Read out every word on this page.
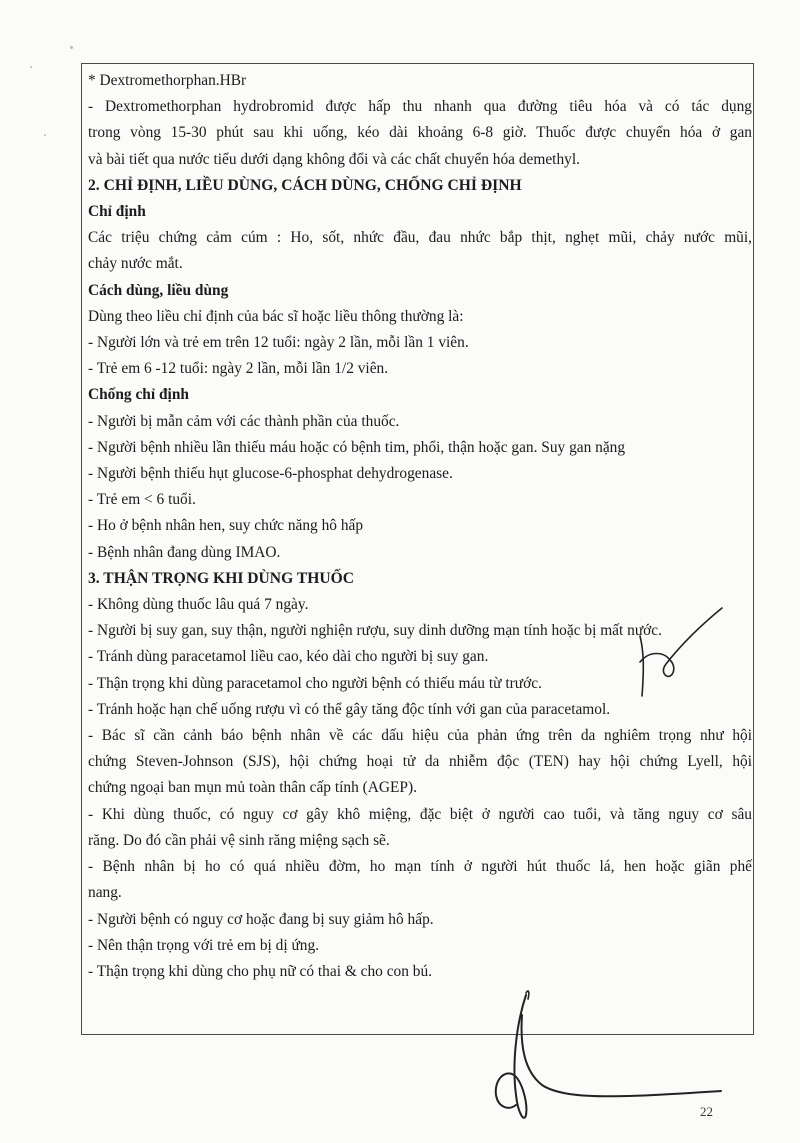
* Dextromethorphan.HBr
- Dextromethorphan hydrobromid được hấp thu nhanh qua đường tiêu hóa và có tác dụng
trong vòng 15-30 phút sau khi uống, kéo dài khoảng 6-8 giờ. Thuốc được chuyển hóa ở gan
và bài tiết qua nước tiểu dưới dạng không đổi và các chất chuyển hóa demethyl.
2. CHỈ ĐỊNH, LIỀU DÙNG, CÁCH DÙNG, CHỐNG CHỈ ĐỊNH
Chỉ định
Các triệu chứng cảm cúm : Ho, sốt, nhức đầu, đau nhức bắp thịt, nghẹt mũi, chảy nước mũi,
chảy nước mắt.
Cách dùng, liều dùng
Dùng theo liều chỉ định của bác sĩ hoặc liều thông thường là:
- Người lớn và trẻ em trên 12 tuổi: ngày 2 lần, mỗi lần 1 viên.
- Trẻ em 6 -12 tuổi: ngày 2 lần, mỗi lần 1/2 viên.
Chống chỉ định
- Người bị mẫn cảm với các thành phần của thuốc.
- Người bệnh nhiều lần thiếu máu hoặc có bệnh tim, phổi, thận hoặc gan. Suy gan nặng
- Người bệnh thiếu hụt glucose-6-phosphat dehydrogenase.
- Trẻ em < 6 tuổi.
- Ho ở bệnh nhân hen, suy chức năng hô hấp
- Bệnh nhân đang dùng IMAO.
3. THẬN TRỌNG KHI DÙNG THUỐC
- Không dùng thuốc lâu quá 7 ngày.
- Người bị suy gan, suy thận, người nghiện rượu, suy dinh dưỡng mạn tính hoặc bị mất nước.
- Tránh dùng paracetamol liều cao, kéo dài cho người bị suy gan.
- Thận trọng khi dùng paracetamol cho người bệnh có thiếu máu từ trước.
- Tránh hoặc hạn chế uống rượu vì có thể gây tăng độc tính với gan của paracetamol.
- Bác sĩ cần cảnh báo bệnh nhân về các dấu hiệu của phản ứng trên da nghiêm trọng như hội
chứng Steven-Johnson (SJS), hội chứng hoại tử da nhiễm độc (TEN) hay hội chứng Lyell, hội
chứng ngoại ban mụn mủ toàn thân cấp tính (AGEP).
- Khi dùng thuốc, có nguy cơ gây khô miệng, đặc biệt ở người cao tuổi, và tăng nguy cơ sâu
răng. Do đó cần phải vệ sinh răng miệng sạch sẽ.
- Bệnh nhân bị ho có quá nhiều đờm, ho mạn tính ở người hút thuốc lá, hen hoặc giãn phế
nang.
- Người bệnh có nguy cơ hoặc đang bị suy giảm hô hấp.
- Nên thận trọng với trẻ em bị dị ứng.
- Thận trọng khi dùng cho phụ nữ có thai & cho con bú.
22
